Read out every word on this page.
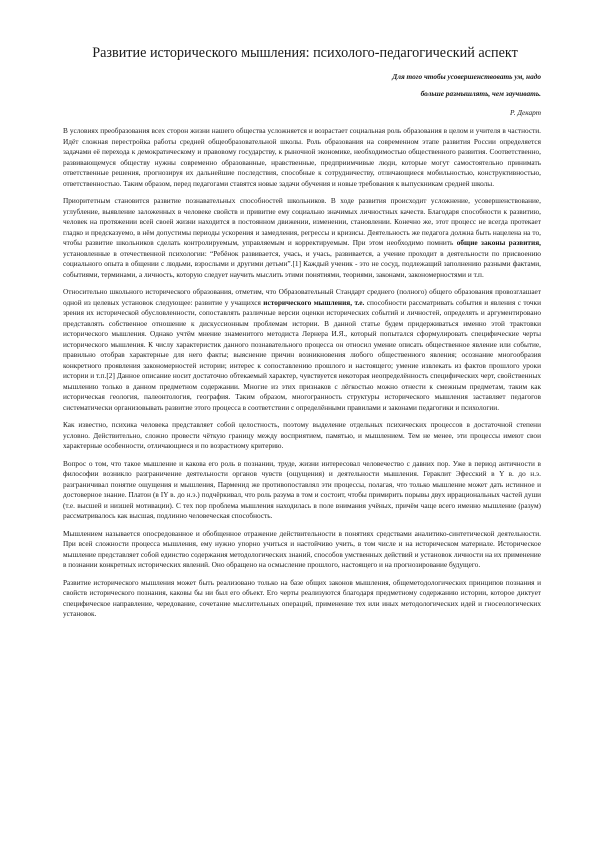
Развитие исторического мышления: психолого-педагогический аспект
Для того чтобы усовершенствовать ум, надо
больше размышлять, чем заучивать.
Р. Декарт

В условиях преобразования всех сторон жизни нашего общества усложняется и возрастает социальная роль образования в целом и учителя в частности. Идёт сложная перестройка работы средней общеобразовательной школы. Роль образования на современном этапе развития России определяется задачами её перехода к демократическому и правовому государству, к рыночной экономике, необходимостью общественного развития. Соответственно, развивающемуся обществу нужны современно образованные, нравственные, предприимчивые люди, которые могут самостоятельно принимать ответственные решения, прогнозируя их дальнейшие последствия, способные к сотрудничеству, отличающиеся мобильностью, конструктивностью, ответственностью. Таким образом, перед педагогами ставятся новые задачи обучения и новые требования к выпускникам средней школы.

Приоритетным становится развитие познавательных способностей школьников. В ходе развития происходит усложнение, усовершенствование, углубление, выявление заложенных в человеке свойств и привитие ему социально значимых личностных качеств. Благодаря способности к развитию, человек на протяжении всей своей жизни находится в постоянном движении, изменении, становлении. Конечно же, этот процесс не всегда протекает гладко и предсказуемо, в нём допустимы периоды ускорения и замедления, регрессы и кризисы. Деятельность же педагога должна быть нацелена на то, чтобы развитие школьников сделать контролируемым, управляемым и корректируемым. При этом необходимо помнить общие законы развития, установленные в отечественной психологии: “Ребёнок развивается, учась, и учась, развивается, а учение проходит в деятельности по присвоению социального опыта в общении с людьми, взрослыми и другими детьми”.[1] Каждый ученик - это не сосуд, подлежащий заполнению разными фактами, событиями, терминами, а личность, которую следует научить мыслить этими понятиями, теориями, законами, закономерностями и т.п.

Относительно школьного исторического образования, отметим, что Образовательный Стандарт среднего (полного) общего образования провозглашает одной из целевых установок следующее: развитие у учащихся исторического мышления, т.е. способности рассматривать события и явления с точки зрения их исторической обусловленности, сопоставлять различные версии оценки исторических событий и личностей, определять и аргументировано представлять собственное отношение к дискуссионным проблемам истории. В данной статье будем придерживаться именно этой трактовки исторического мышления. Однако учтём мнение знаменитого методиста Лернера И.Я., который попытался сформулировать специфические черты исторического мышления. К числу характеристик данного познавательного процесса он относил умение описать общественное явление или событие, правильно отобрав характерные для него факты; выяснение причин возникновения любого общественного явления; осознание многообразия конкретного проявления закономерностей истории; интерес к сопоставлению прошлого и настоящего; умение извлекать из фактов прошлого уроки истории и т.п.[2] Данное описание носит достаточно обтекаемый характер, чувствуется некоторая неопределённость специфических черт, свойственных мышлению только в данном предметном содержании. Многие из этих признаков с лёгкостью можно отнести к смежным предметам, таким как историческая геология, палеонтология, география. Таким образом, многогранность структуры исторического мышления заставляет педагогов систематически организовывать развитие этого процесса в соответствии с определёнными правилами и законами педагогики и психологии.

Как известно, психика человека представляет собой целостность, поэтому выделение отдельных психических процессов в достаточной степени условно. Действительно, сложно провести чёткую границу между восприятием, памятью, и мышлением. Тем не менее, эти процессы имеют свои характерные особенности, отличающиеся и по возрастному критерию.

Вопрос о том, что такое мышление и какова его роль в познании, труде, жизни интересовал человечество с давних пор. Уже в период античности в философии возникло разграничение деятельности органов чувств (ощущения) и деятельности мышления. Гераклит Эфесский в Y в. до н.э. разграничивал понятие ощущения и мышления, Парменид же противопоставлял эти процессы, полагая, что только мышление может дать истинное и достоверное знание. Платон (в IY в. до н.э.) подчёркивал, что роль разума в том и состоит, чтобы примирить порывы двух иррациональных частей души (т.е. высшей и низшей мотивации). С тех пор проблема мышления находилась в поле внимания учёных, причём чаще всего именно мышление (разум) рассматривалось как высшая, подлинно человеческая способность.

Мышлением называется опосредованное и обобщенное отражение действительности в понятиях средствами аналитико-синтетической деятельности. При всей сложности процесса мышления, ему нужно упорно учиться и настойчиво учить, в том числе и на историческом материале. Историческое мышление представляет собой единство содержания методологических знаний, способов умственных действий и установок личности на их применение в познании конкретных исторических явлений. Оно обращено на осмысление прошлого, настоящего и на прогнозирование будущего.

Развитие исторического мышления может быть реализовано только на базе общих законов мышления, общеметодологических принципов познания и свойств исторического познания, каковы бы ни был его объект. Его черты реализуются благодаря предметному содержанию истории, которое диктует специфическое направление, чередование, сочетание мыслительных операций, применение тех или иных методологических идей и гносеологических установок.
